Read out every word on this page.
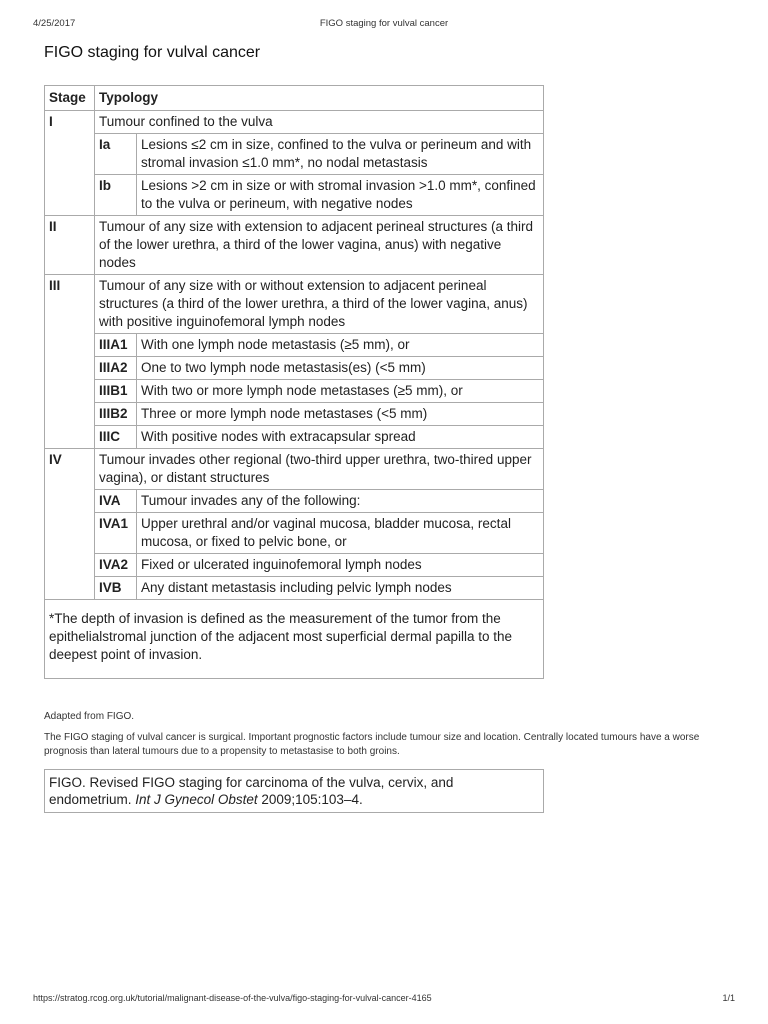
4/25/2017	FIGO staging for vulval cancer
FIGO staging for vulval cancer
Stage	Typology	
I	Tumour confined to the vulva	
	Ia	Lesions ≤2 cm in size, confined to the vulva or perineum and with stromal invasion ≤1.0 mm*, no nodal metastasis
	Ib	Lesions >2 cm in size or with stromal invasion >1.0 mm*, confined to the vulva or perineum, with negative nodes
II	Tumour of any size with extension to adjacent perineal structures (a third of the lower urethra, a third of the lower vagina, anus) with negative nodes	
III	Tumour of any size with or without extension to adjacent perineal structures (a third of the lower urethra, a third of the lower vagina, anus) with positive inguinofemoral lymph nodes	
	IIIA1	With one lymph node metastasis (≥5 mm), or
	IIIA2	One to two lymph node metastasis(es) (<5 mm)
	IIIB1	With two or more lymph node metastases (≥5 mm), or
	IIIB2	Three or more lymph node metastases (<5 mm)
	IIIC	With positive nodes with extracapsular spread
IV	Tumour invades other regional (two-third upper urethra, two-thired upper vagina), or distant structures	
	IVA	Tumour invades any of the following:
	IVA1	Upper urethral and/or vaginal mucosa, bladder mucosa, rectal mucosa, or fixed to pelvic bone, or
	IVA2	Fixed or ulcerated inguinofemoral lymph nodes
	IVB	Any distant metastasis including pelvic lymph nodes
*The depth of invasion is defined as the measurement of the tumor from the epithelialstromal junction of the adjacent most superficial dermal papilla to the deepest point of invasion.		
Adapted from FIGO.
The FIGO staging of vulval cancer is surgical. Important prognostic factors include tumour size and location. Centrally located tumours have a worse prognosis than lateral tumours due to a propensity to metastasise to both groins.
FIGO. Revised FIGO staging for carcinoma of the vulva, cervix, and endometrium. Int J Gynecol Obstet 2009;105:103–4.
https://stratog.rcog.org.uk/tutorial/malignant-disease-of-the-vulva/figo-staging-for-vulval-cancer-4165	1/1
